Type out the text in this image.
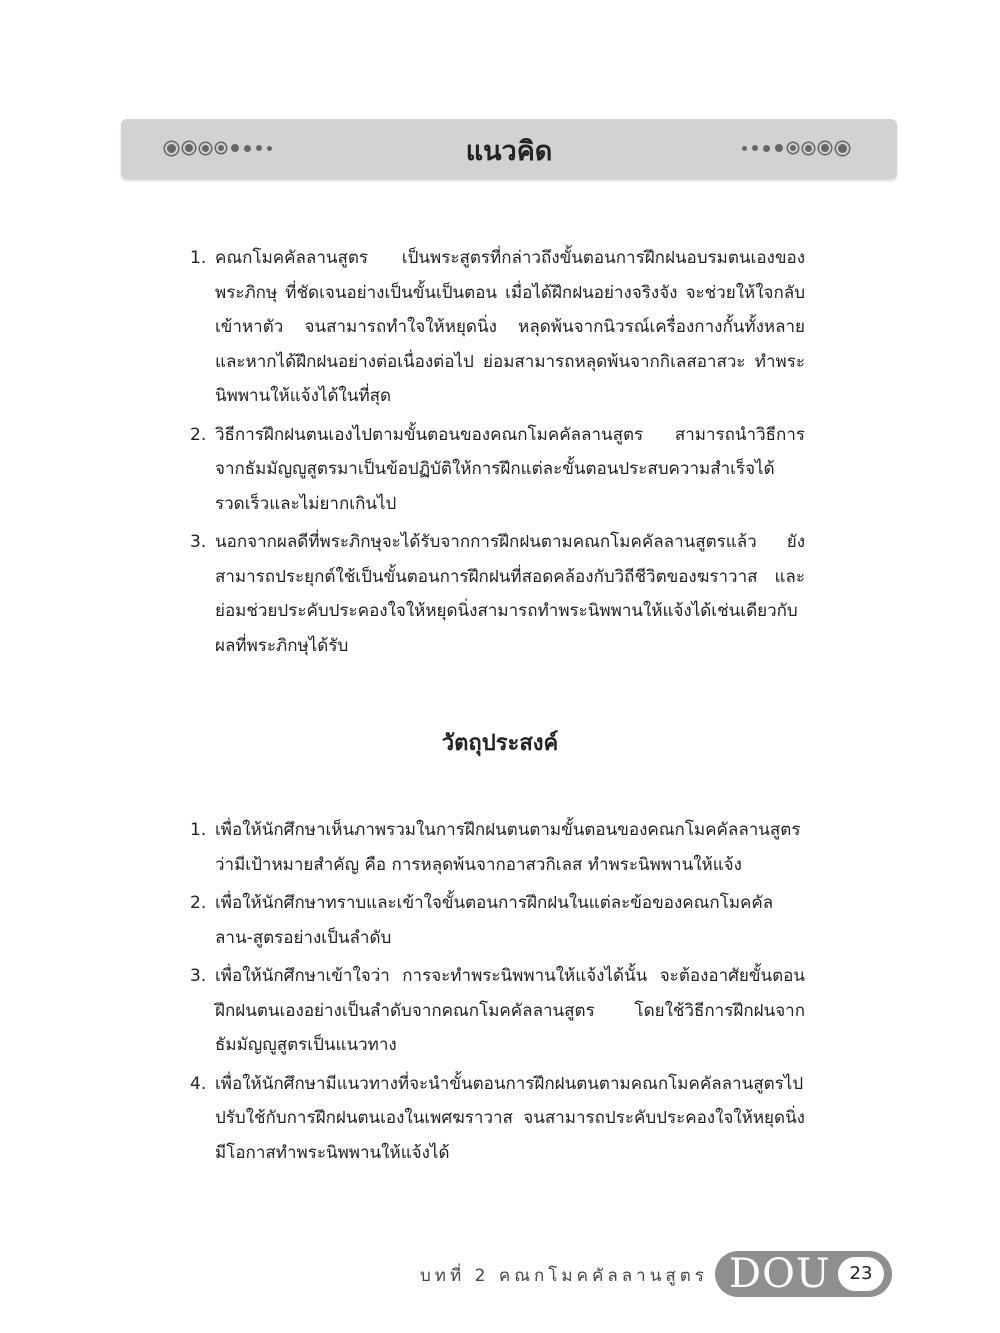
แนวคิด
1. คณกโมคคัลลานสูตร เป็นพระสูตรที่กล่าวถึงขั้นตอนการฝึกฝนอบรมตนเองของพระภิกษุ ที่ชัดเจนอย่างเป็นขั้นเป็นตอน เมื่อได้ฝึกฝนอย่างจริงจัง จะช่วยให้ใจกลับเข้าหาตัว จนสามารถทำใจให้หยุดนิ่ง หลุดพ้นจากนิวรณ์เครื่องกางกั้นทั้งหลาย และหากได้ฝึกฝนอย่างต่อเนื่องต่อไป ย่อมสามารถหลุดพ้นจากกิเลสอาสวะ ทำพระนิพพานให้แจ้งได้ในที่สุด
2. วิธีการฝึกฝนตนเองไปตามขั้นตอนของคณกโมคคัลลานสูตร สามารถนำวิธีการจากธัมมัญญูสูตรมาเป็นข้อปฏิบัติให้การฝึกแต่ละขั้นตอนประสบความสำเร็จได้รวดเร็วและไม่ยากเกินไป
3. นอกจากผลดีที่พระภิกษุจะได้รับจากการฝึกฝนตามคณกโมคคัลลานสูตรแล้ว ยังสามารถประยุกต์ใช้เป็นขั้นตอนการฝึกฝนที่สอดคล้องกับวิถีชีวิตของฆราวาส และย่อมช่วยประคับประคองใจให้หยุดนิ่งสามารถทำพระนิพพานให้แจ้งได้เช่นเดียวกับผลที่พระภิกษุได้รับ
วัตถุประสงค์
1. เพื่อให้นักศึกษาเห็นภาพรวมในการฝึกฝนตนตามขั้นตอนของคณกโมคคัลลานสูตร ว่ามีเป้าหมายสำคัญ คือ การหลุดพ้นจากอาสวกิเลส ทำพระนิพพานให้แจ้ง
2. เพื่อให้นักศึกษาทราบและเข้าใจขั้นตอนการฝึกฝนในแต่ละข้อของคณกโมคคัลลาน-สูตรอย่างเป็นลำดับ
3. เพื่อให้นักศึกษาเข้าใจว่า การจะทำพระนิพพานให้แจ้งได้นั้น จะต้องอาศัยขั้นตอนฝึกฝนตนเองอย่างเป็นลำดับจากคณกโมคคัลลานสูตร โดยใช้วิธีการฝึกฝนจากธัมมัญญูสูตรเป็นแนวทาง
4. เพื่อให้นักศึกษามีแนวทางที่จะนำขั้นตอนการฝึกฝนตนตามคณกโมคคัลลานสูตรไปปรับใช้กับการฝึกฝนตนเองในเพศฆราวาส จนสามารถประคับประคองใจให้หยุดนิ่งมีโอกาสทำพระนิพพานให้แจ้งได้
บทที่ 2 คณกโมคคัลลานสูตร DOU	23
